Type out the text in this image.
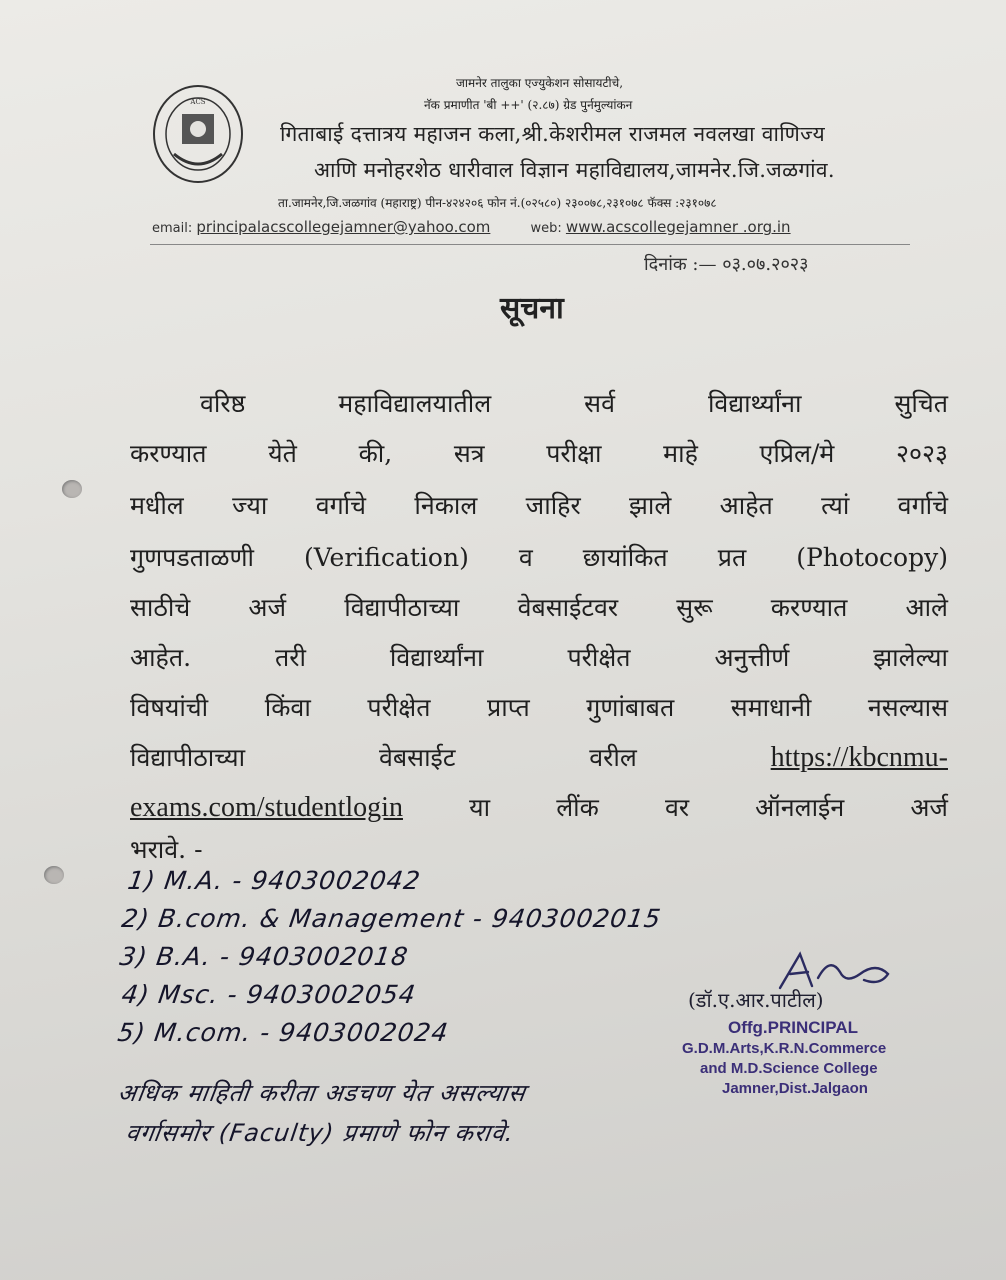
ACS
जामनेर तालुका एज्युकेशन सोसायटीचे,
नॅक प्रमाणीत 'बी ++' (२.८७) ग्रेड पुर्नमुल्यांकन
गिताबाई दत्तात्रय महाजन कला,श्री.केशरीमल राजमल नवलखा वाणिज्य
आणि मनोहरशेठ धारीवाल विज्ञान महाविद्यालय,जामनेर.जि.जळगांव.
ता.जामनेर,जि.जळगांव (महाराष्ट्र) पीन-४२४२०६ फोन नं.(०२५८०) २३००७८,२३१०७८ फॅक्स :२३१०७८
email: principalacscollegejamner@yahoo.com	web: www.acscollegejamner .org.in
दिनांक :— ०३.०७.२०२३
सूचना
वरिष्ठ महाविद्यालयातील सर्व विद्यार्थ्यांना सुचित
करण्यात येते की, सत्र परीक्षा माहे एप्रिल/मे २०२३
मधील ज्या वर्गाचे निकाल जाहिर झाले आहेत त्यां वर्गाचे
गुणपडताळणी (Verification) व छायांकित प्रत (Photocopy)
साठीचे अर्ज विद्यापीठाच्या वेबसाईटवर सुरू करण्यात आले
आहेत. तरी विद्यार्थ्यांना परीक्षेत अनुत्तीर्ण झालेल्या
विषयांची किंवा परीक्षेत प्राप्त गुणांबाबत समाधानी नसल्यास
विद्यापीठाच्या वेबसाईट वरील	https://kbcnmu-
exams.com/studentlogin	या लींक वर ऑनलाईन अर्ज
भरावे. -
1) M.A. - 9403002042
2) B.com. & Management - 9403002015
3) B.A. - 9403002018
4) Msc. - 9403002054
5) M.com. - 9403002024
अधिक माहिती करीता अडचण येत असल्यास
वर्गासमोर (Faculty) प्रमाणे फोन करावे.
(डॉ.ए.आर.पाटील)
Offg.PRINCIPAL
G.D.M.Arts,K.R.N.Commerce
and M.D.Science College
Jamner,Dist.Jalgaon
